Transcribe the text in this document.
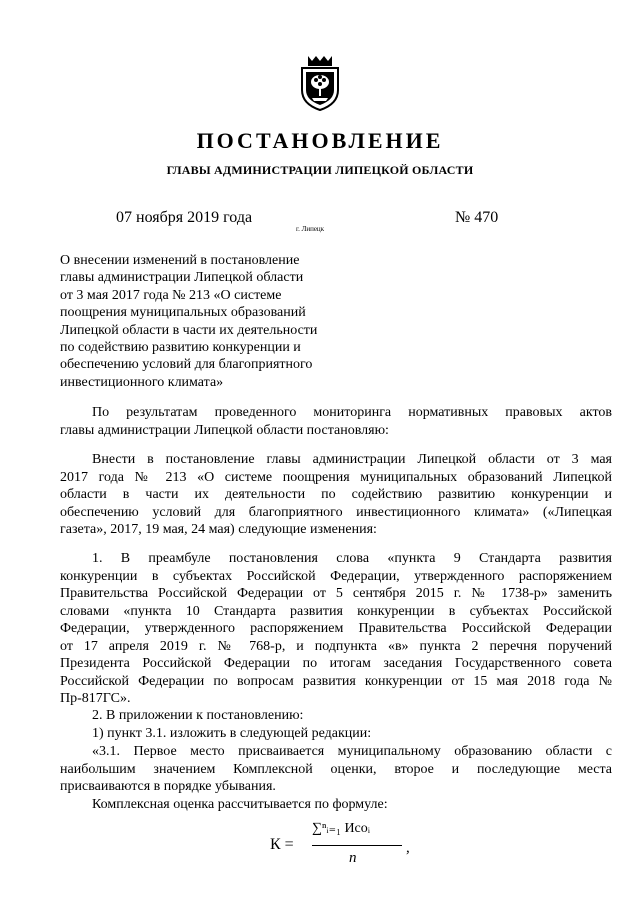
ПОСТАНОВЛЕНИЕ
ГЛАВЫ АДМИНИСТРАЦИИ ЛИПЕЦКОЙ ОБЛАСТИ
07 ноября 2019 года
г. Липецк
№ 470
О внесении изменений в постановление
главы администрации Липецкой области
от 3 мая 2017 года № 213 «О системе
поощрения муниципальных образований
Липецкой области в части их деятельности
по содействию развитию конкуренции и
обеспечению условий для благоприятного
инвестиционного климата»
По результатам проведенного мониторинга нормативных правовых актов
главы администрации Липецкой области постановляю:
Внести в постановление главы администрации Липецкой области от 3 мая
2017 года № 213 «О системе поощрения муниципальных образований Липецкой
области в части их деятельности по содействию развитию конкуренции и
обеспечению условий для благоприятного инвестиционного климата» («Липецкая
газета», 2017, 19 мая, 24 мая) следующие изменения:
1. В преамбуле постановления слова «пункта 9 Стандарта развития
конкуренции в субъектах Российской Федерации, утвержденного распоряжением
Правительства Российской Федерации от 5 сентября 2015 г. № 1738-р» заменить
словами «пункта 10 Стандарта развития конкуренции в субъектах Российской
Федерации, утвержденного распоряжением Правительства Российской Федерации
от 17 апреля 2019 г. № 768-р, и подпункта «в» пункта 2 перечня поручений
Президента Российской Федерации по итогам заседания Государственного совета
Российской Федерации по вопросам развития конкуренции от 15 мая 2018 года №
Пр-817ГС».
2. В приложении к постановлению:
1) пункт 3.1. изложить в следующей редакции:
«3.1. Первое место присваивается муниципальному образованию области с
наибольшим значением Комплексной оценки, второе и последующие места
присваиваются в порядке убывания.
Комплексная оценка рассчитывается по формуле:
К =
∑ⁿᵢ₌₁ Исоᵢ
n
,
